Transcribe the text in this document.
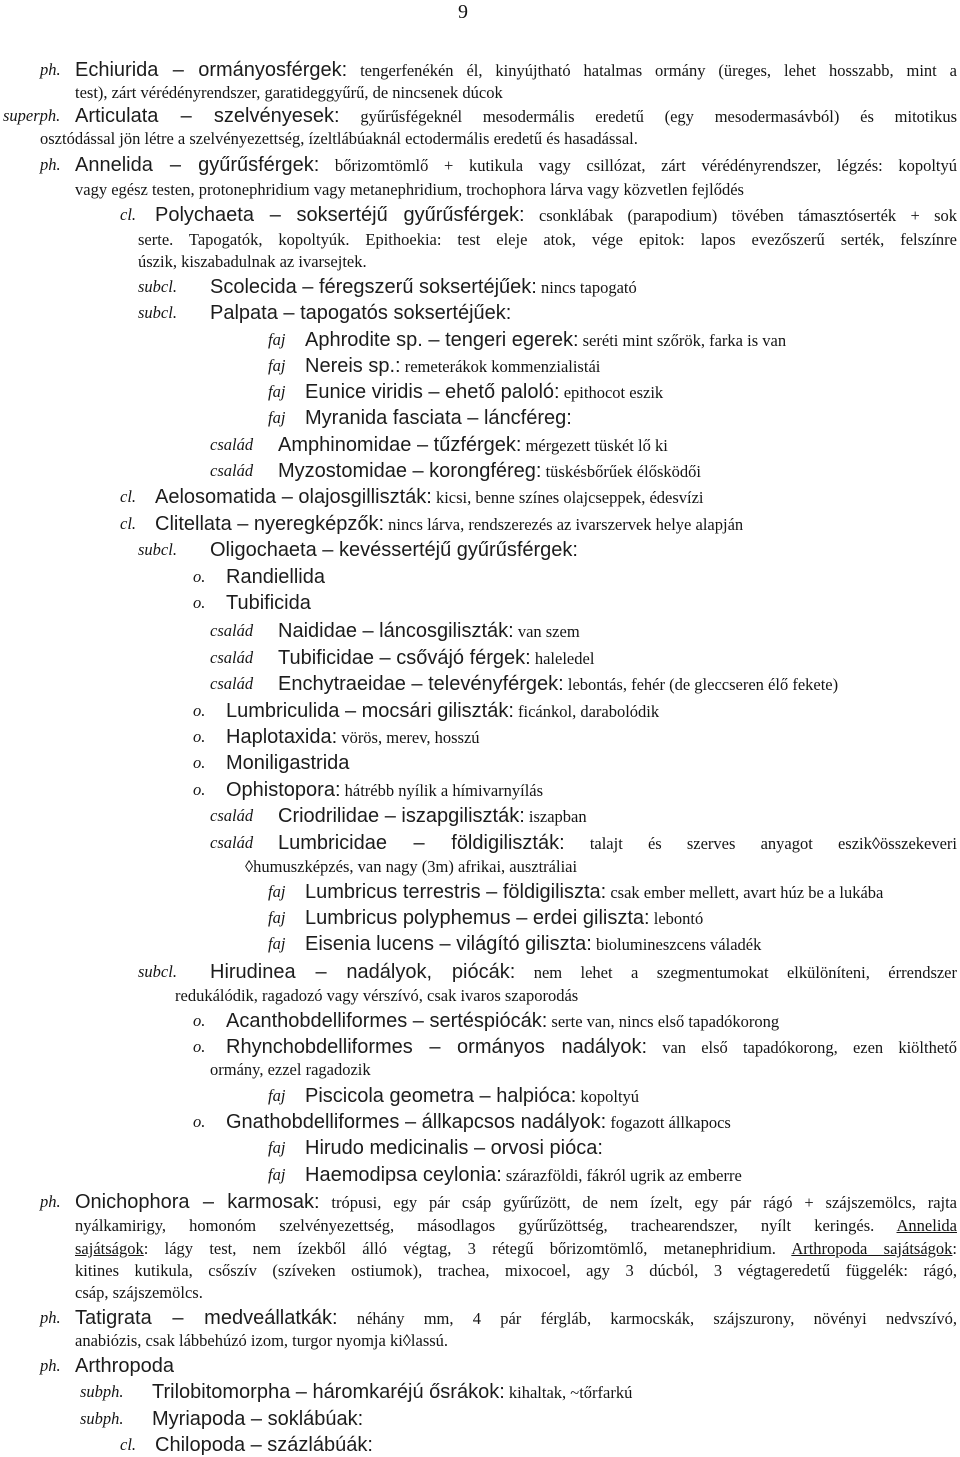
9
ph. Echiurida – ormányosférgek: tengerfenékén él, kinyújtható hatalmas ormány (üreges, lehet hosszabb, mint a
test), zárt vérédényrendszer, garatideggyűrű, de nincsenek dúcok
superph. Articulata – szelvényesek: gyűrűsfégeknél mesodermális eredetű (egy mesodermasávból) és mitotikus
osztódással jön létre a szelvényezettség, ízeltlábúaknál ectodermális eredetű és hasadással.
ph. Annelida – gyűrűsférgek: bőrizomtömlő + kutikula vagy csillózat, zárt vérédényrendszer, légzés: kopoltyú
vagy egész testen, protonephridium vagy metanephridium, trochophora lárva vagy közvetlen fejlődés
cl. Polychaeta – soksertéjű gyűrűsférgek: csonklábak (parapodium) tövében támasztóserték + sok
serte. Tapogatók, kopoltyúk. Epithoekia: test eleje atok, vége epitok: lapos evezőszerű serték, felszínre
úszik, kiszabadulnak az ivarsejtek.
subcl. Scolecida – féregszerű soksertéjűek: nincs tapogató
subcl. Palpata – tapogatós soksertéjűek:
faj Aphrodite sp. – tengeri egerek: seréti mint szőrök, farka is van
faj Nereis sp.: remeterákok kommenzialistái
faj Eunice viridis – ehető paloló: epithocot eszik
faj Myranida fasciata – láncféreg:
család Amphinomidae – tűzférgek: mérgezett tüskét lő ki
család Myzostomidae – korongféreg: tüskésbőrűek élősködői
cl. Aelosomatida – olajosgilliszták: kicsi, benne színes olajcseppek, édesvízi
cl. Clitellata – nyeregképzők: nincs lárva, rendszerezés az ivarszervek helye alapján
subcl. Oligochaeta – kevéssertéjű gyűrűsférgek:
o. Randiellida
o. Tubificida
család Naididae – láncosgiliszták: van szem
család Tubificidae – csővájó férgek: haleledel
család Enchytraeidae – televényférgek: lebontás, fehér (de gleccseren élő fekete)
o. Lumbriculida – mocsári giliszták: ficánkol, darabolódik
o. Haplotaxida: vörös, merev, hosszú
o. Moniligastrida
o. Ophistopora: hátrébb nyílik a hímivarnyílás
család Criodrilidae – iszapgiliszták: iszapban
család Lumbricidae – földigiliszták: talajt és szerves anyagot eszik◊összekeveri
◊humuszképzés, van nagy (3m) afrikai, ausztráliai
faj Lumbricus terrestris – földigiliszta: csak ember mellett, avart húz be a lukába
faj Lumbricus polyphemus – erdei giliszta: lebontó
faj Eisenia lucens – világító giliszta: biolumineszcens váladék
subcl. Hirudinea – nadályok, piócák: nem lehet a szegmentumokat elkülöníteni, érrendszer
redukálódik, ragadozó vagy vérszívó, csak ivaros szaporodás
o. Acanthobdelliformes – sertéspiócák: serte van, nincs első tapadókorong
o. Rhynchobdelliformes – ormányos nadályok: van első tapadókorong, ezen kiölthető
ormány, ezzel ragadozik
faj Piscicola geometra – halpióca: kopoltyú
o. Gnathobdelliformes – állkapcsos nadályok: fogazott állkapocs
faj Hirudo medicinalis – orvosi pióca:
faj Haemodipsa ceylonia: szárazföldi, fákról ugrik az emberre
ph. Onichophora – karmosak: trópusi, egy pár csáp gyűrűzött, de nem ízelt, egy pár rágó + szájszemölcs, rajta
nyálkamirigy, homonóm szelvényezettség, másodlagos gyűrűzöttség, trachearendszer, nyílt keringés. Annelida
sajátságok: lágy test, nem ízekből álló végtag, 3 rétegű bőrizomtömlő, metanephridium. Arthropoda sajátságok:
kitines kutikula, csőszív (szíveken ostiumok), trachea, mixocoel, agy 3 dúcból, 3 végtageredetű függelék: rágó,
csáp, szájszemölcs.
ph. Tatigrata – medveállatkák: néhány mm, 4 pár férgláb, karmocskák, szájszurony, növényi nedvszívó,
anabiózis, csak lábbehúzó izom, turgor nyomja ki◊lassú.
ph. Arthropoda
subph. Trilobitomorpha – háromkaréjú ősrákok: kihaltak, ~tőrfarkú
subph. Myriapoda – soklábúak:
cl. Chilopoda – százlábúák:
